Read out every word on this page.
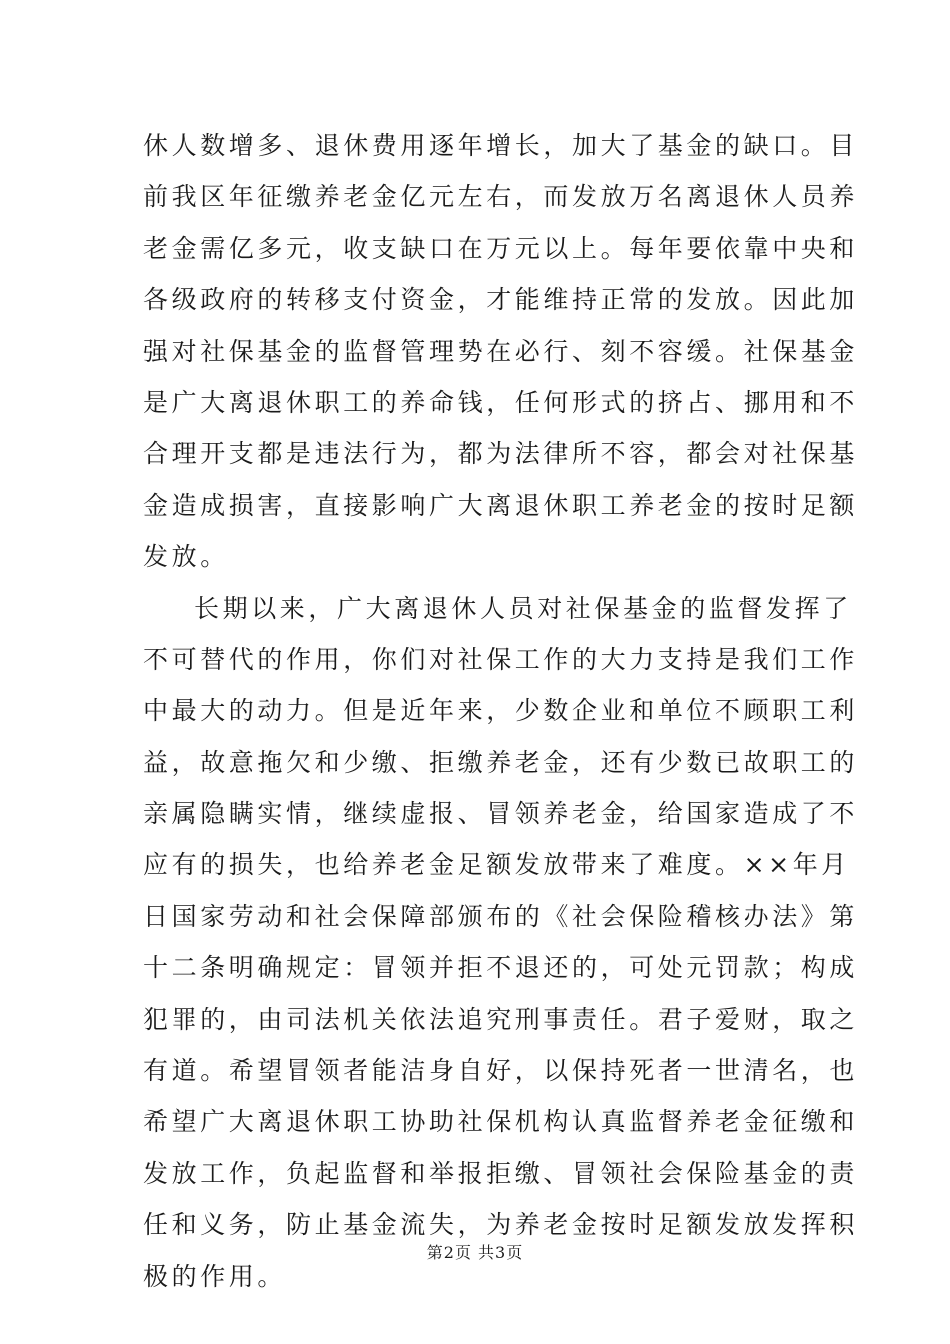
休人数增多、退休费用逐年增长，加大了基金的缺口。目
前我区年征缴养老金亿元左右，而发放万名离退休人员养
老金需亿多元，收支缺口在万元以上。每年要依靠中央和
各级政府的转移支付资金，才能维持正常的发放。因此加
强对社保基金的监督管理势在必行、刻不容缓。社保基金
是广大离退休职工的养命钱，任何形式的挤占、挪用和不
合理开支都是违法行为，都为法律所不容，都会对社保基
金造成损害，直接影响广大离退休职工养老金的按时足额
发放。
长期以来，广大离退休人员对社保基金的监督发挥了
不可替代的作用，你们对社保工作的大力支持是我们工作
中最大的动力。但是近年来，少数企业和单位不顾职工利
益，故意拖欠和少缴、拒缴养老金，还有少数已故职工的
亲属隐瞒实情，继续虚报、冒领养老金，给国家造成了不
应有的损失，也给养老金足额发放带来了难度。××年月
日国家劳动和社会保障部颁布的《社会保险稽核办法》第
十二条明确规定：冒领并拒不退还的，可处元罚款；构成
犯罪的，由司法机关依法追究刑事责任。君子爱财，取之
有道。希望冒领者能洁身自好，以保持死者一世清名，也
希望广大离退休职工协助社保机构认真监督养老金征缴和
发放工作，负起监督和举报拒缴、冒领社会保险基金的责
任和义务，防止基金流失，为养老金按时足额发放发挥积
极的作用。
第2页 共3页
